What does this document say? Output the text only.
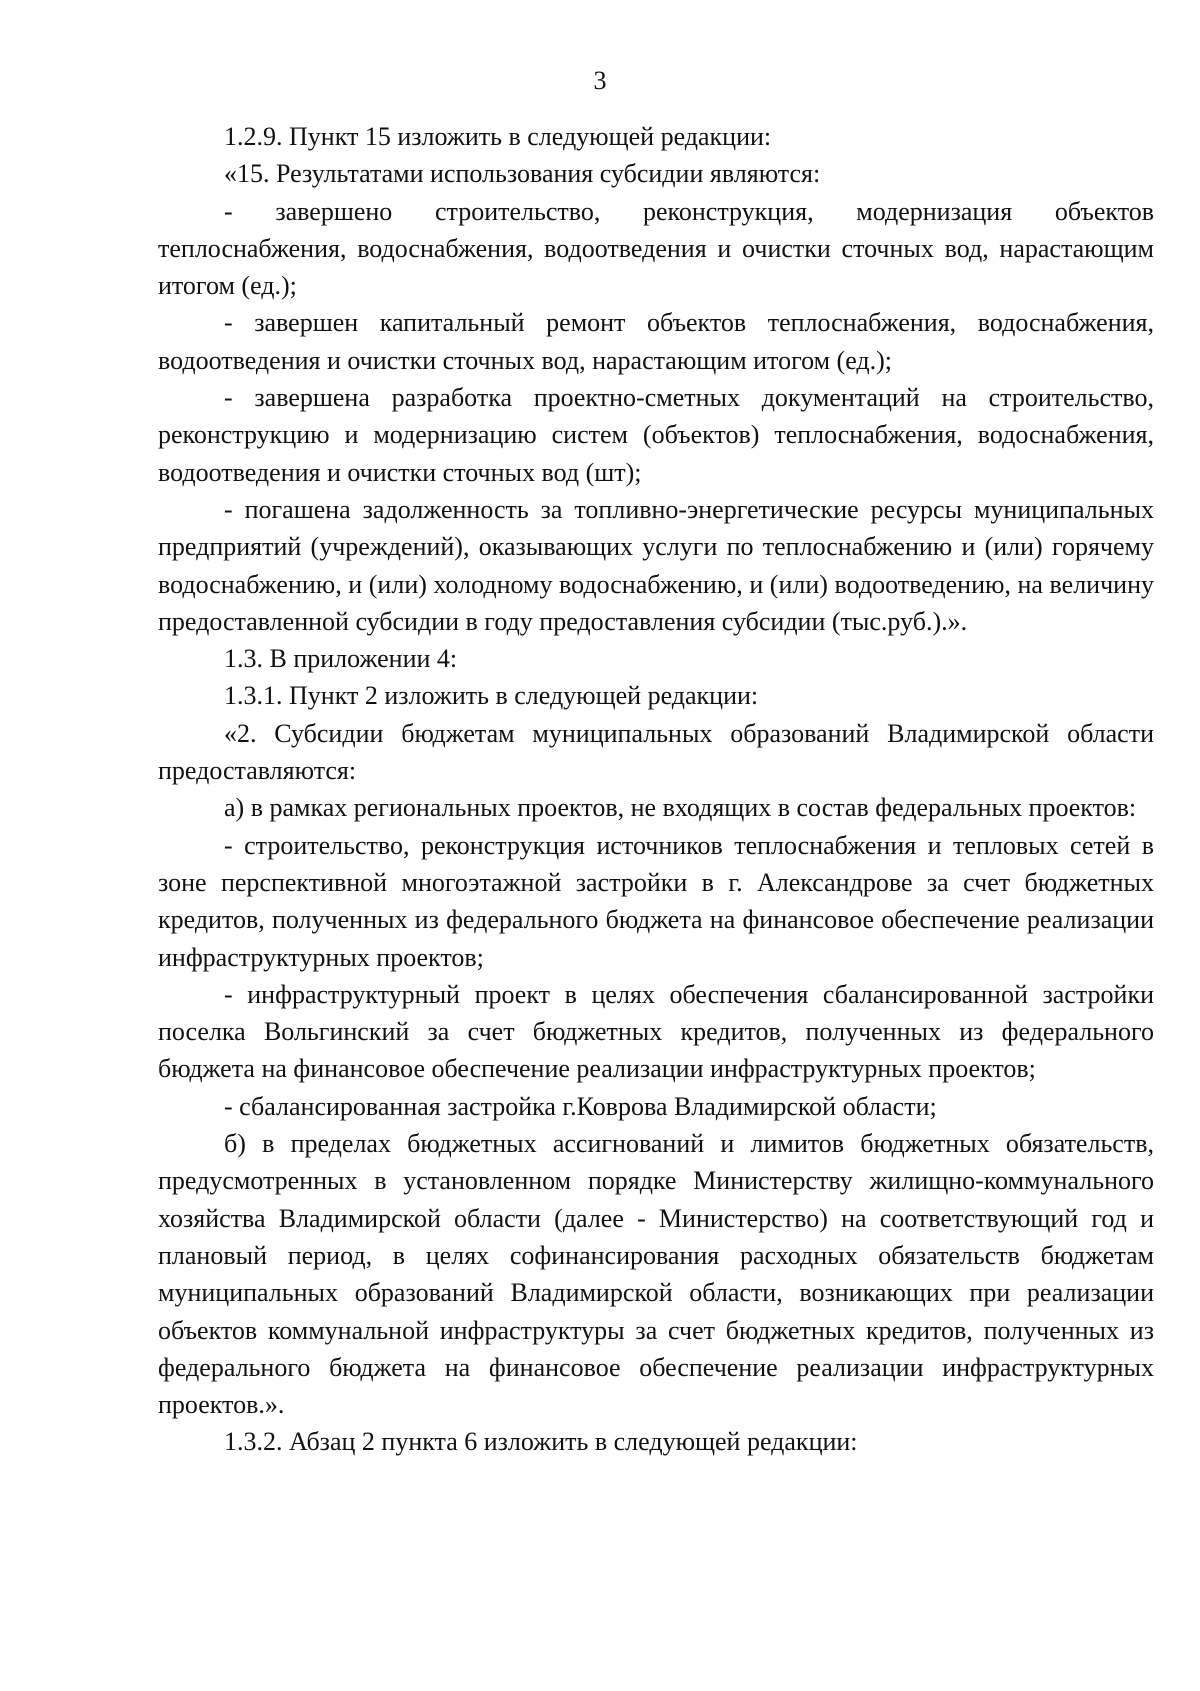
3

1.2.9. Пункт 15 изложить в следующей редакции:

«15. Результатами использования субсидии являются:

- завершено строительство, реконструкция, модернизация объектов теплоснабжения, водоснабжения, водоотведения и очистки сточных вод, нарастающим итогом (ед.);

- завершен капитальный ремонт объектов теплоснабжения, водоснабжения, водоотведения и очистки сточных вод, нарастающим итогом (ед.);

- завершена разработка проектно-сметных документаций на строительство, реконструкцию и модернизацию систем (объектов) теплоснабжения, водоснабжения, водоотведения и очистки сточных вод (шт);

- погашена задолженность за топливно-энергетические ресурсы муниципальных предприятий (учреждений), оказывающих услуги по теплоснабжению и (или) горячему водоснабжению, и (или) холодному водоснабжению, и (или) водоотведению, на величину предоставленной субсидии в году предоставления субсидии (тыс.руб.).».

1.3. В приложении 4:

1.3.1. Пункт 2 изложить в следующей редакции:

«2. Субсидии бюджетам муниципальных образований Владимирской области предоставляются:

а) в рамках региональных проектов, не входящих в состав федеральных проектов:

- строительство, реконструкция источников теплоснабжения и тепловых сетей в зоне перспективной многоэтажной застройки в г. Александрове за счет бюджетных кредитов, полученных из федерального бюджета на финансовое обеспечение реализации инфраструктурных проектов;

- инфраструктурный проект в целях обеспечения сбалансированной застройки поселка Вольгинский за счет бюджетных кредитов, полученных из федерального бюджета на финансовое обеспечение реализации инфраструктурных проектов;

- сбалансированная застройка г.Коврова Владимирской области;

б) в пределах бюджетных ассигнований и лимитов бюджетных обязательств, предусмотренных в установленном порядке Министерству жилищно-коммунального хозяйства Владимирской области (далее - Министерство) на соответствующий год и плановый период, в целях софинансирования расходных обязательств бюджетам муниципальных образований Владимирской области, возникающих при реализации объектов коммунальной инфраструктуры за счет бюджетных кредитов, полученных из федерального бюджета на финансовое обеспечение реализации инфраструктурных проектов.».

1.3.2. Абзац 2 пункта 6 изложить в следующей редакции:
